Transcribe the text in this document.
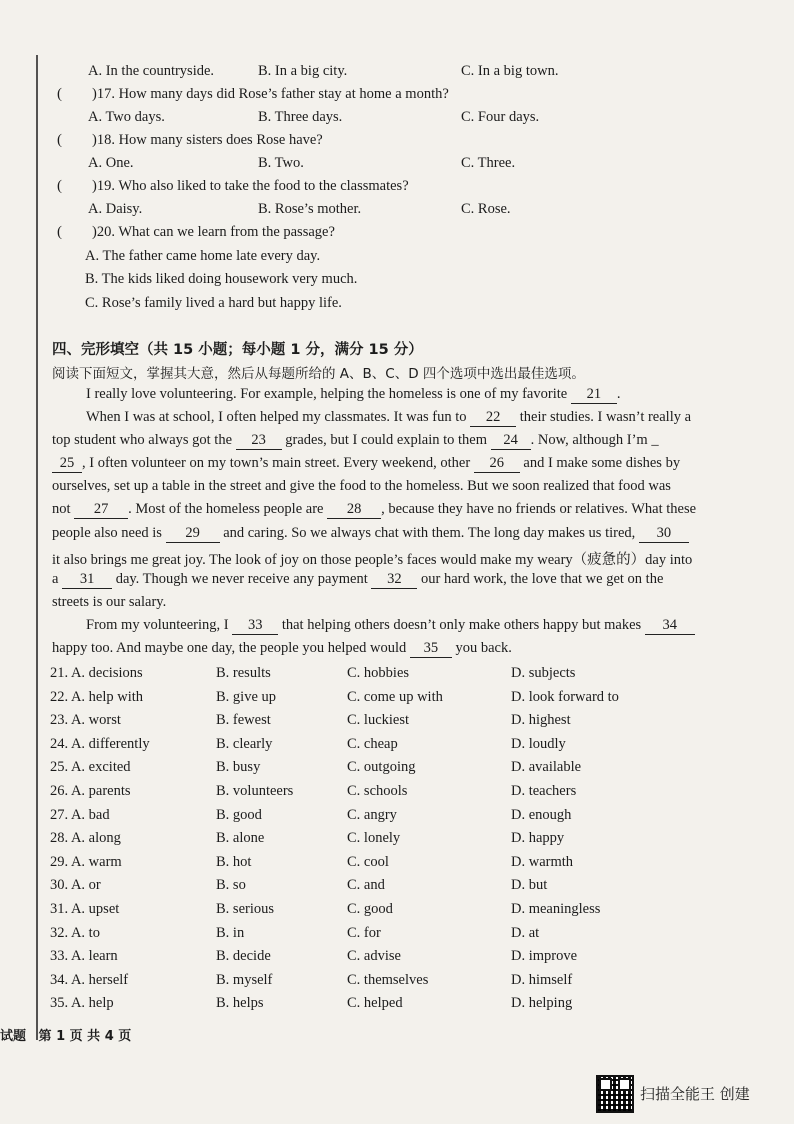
A. In the countryside.	B. In a big city.	C. In a big town.
( )17. How many days did Rose’s father stay at home a month?
A. Two days.	B. Three days.	C. Four days.
( )18. How many sisters does Rose have?
A. One.	B. Two.	C. Three.
( )19. Who also liked to take the food to the classmates?
A. Daisy.	B. Rose’s mother.	C. Rose.
( )20. What can we learn from the passage?
A. The father came home late every day.
B. The kids liked doing housework very much.
C. Rose’s family lived a hard but happy life.
四、完形填空（共 15 小题；每小题 1 分，满分 15 分）
阅读下面短文，掌握其大意，然后从每题所给的 A、B、C、D 四个选项中选出最佳选项。
I really love volunteering. For example, helping the homeless is one of my favorite 21 .
When I was at school, I often helped my classmates. It was fun to 22 their studies. I wasn’t really a
top student who always got the 23 grades, but I could explain to them 24 . Now, although I’m _
25 , I often volunteer on my town’s main street. Every weekend, other 26 and I make some dishes by
ourselves, set up a table in the street and give the food to the homeless. But we soon realized that food was
not 27 . Most of the homeless people are 28 , because they have no friends or relatives. What these
people also need is 29 and caring. So we always chat with them. The long day makes us tired, 30
it also brings me great joy. The look of joy on those people’s faces would make my weary（疲惫的）day into
a 31 day. Though we never receive any payment 32 our hard work, the love that we get on the
streets is our salary.
From my volunteering, I 33 that helping others doesn’t only make others happy but makes 34
happy too. And maybe one day, the people you helped would 35 you back.
21. A. decisions	B. results	C. hobbies	D. subjects
22. A. help with	B. give up	C. come up with	D. look forward to
23. A. worst	B. fewest	C. luckiest	D. highest
24. A. differently	B. clearly	C. cheap	D. loudly
25. A. excited	B. busy	C. outgoing	D. available
26. A. parents	B. volunteers	C. schools	D. teachers
27. A. bad	B. good	C. angry	D. enough
28. A. along	B. alone	C. lonely	D. happy
29. A. warm	B. hot	C. cool	D. warmth
30. A. or	B. so	C. and	D. but
31. A. upset	B. serious	C. good	D. meaningless
32. A. to	B. in	C. for	D. at
33. A. learn	B. decide	C. advise	D. improve
34. A. herself	B. myself	C. themselves	D. himself
35. A. help	B. helps	C. helped	D. helping
试题 第 1 页 共 4 页
扫描全能王 创建
